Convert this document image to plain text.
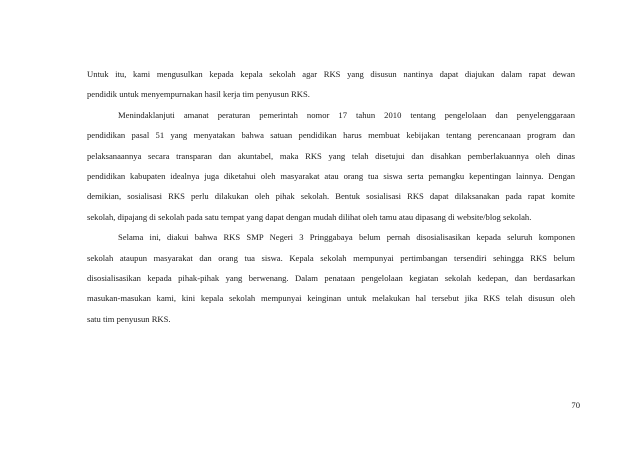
Untuk itu, kami mengusulkan kepada kepala sekolah agar RKS yang disusun nantinya dapat diajukan dalam rapat dewan
pendidik untuk menyempurnakan hasil kerja tim penyusun RKS.
Menindaklanjuti amanat peraturan pemerintah nomor 17 tahun 2010 tentang pengelolaan dan penyelenggaraan
pendidikan pasal 51 yang menyatakan bahwa satuan pendidikan harus membuat kebijakan tentang perencanaan program dan
pelaksanaannya secara transparan dan akuntabel, maka RKS yang telah disetujui dan disahkan pemberlakuannya oleh dinas
pendidikan kabupaten idealnya juga diketahui oleh masyarakat atau orang tua siswa serta pemangku kepentingan lainnya. Dengan
demikian, sosialisasi RKS perlu dilakukan oleh pihak sekolah. Bentuk sosialisasi RKS dapat dilaksanakan pada rapat komite
sekolah, dipajang di sekolah pada satu tempat yang dapat dengan mudah dilihat oleh tamu atau dipasang di website/blog sekolah.
Selama ini, diakui bahwa RKS SMP Negeri 3 Pringgabaya belum pernah disosialisasikan kepada seluruh komponen
sekolah ataupun masyarakat dan orang tua siswa. Kepala sekolah mempunyai pertimbangan tersendiri sehingga RKS belum
disosialisasikan kepada pihak-pihak yang berwenang. Dalam penataan pengelolaan kegiatan sekolah kedepan, dan berdasarkan
masukan-masukan kami, kini kepala sekolah mempunyai keinginan untuk melakukan hal tersebut jika RKS telah disusun oleh
satu tim penyusun RKS.
70
